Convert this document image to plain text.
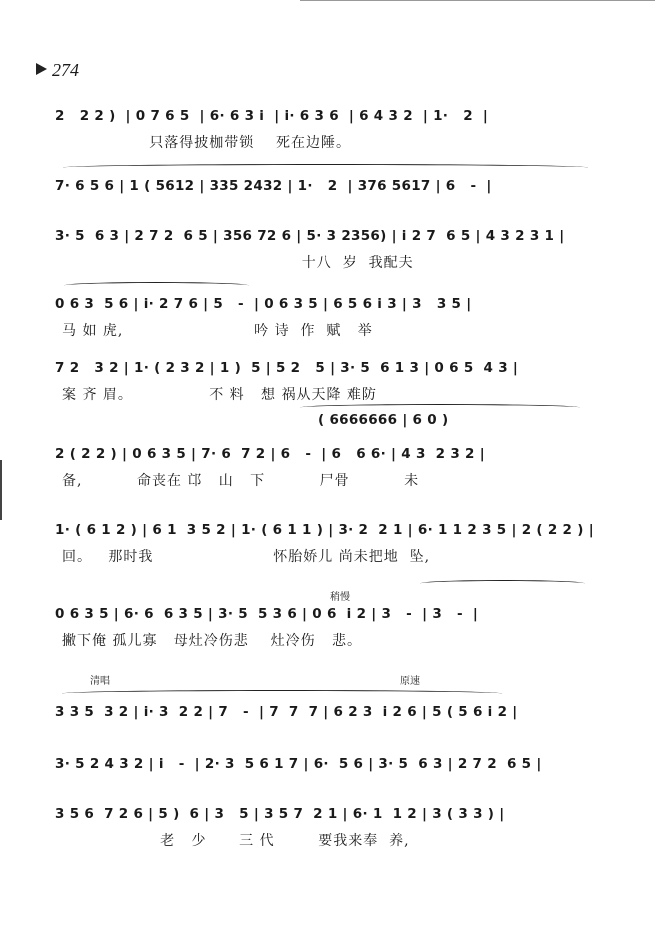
274
2   2 2 )  | 0 7 6 5  | 6· 6 3 i  | i· 6 3 6  | 6 4 3 2  | 1·   2  |
只落得披枷带锁    死在边陲。
7· 6 5 6 | 1 ( 5612 | 335 2432 | 1·   2  | 376 5617 | 6   -  |
3· 5  6 3 | 2 7 2  6 5 | 356 72 6 | 5· 3 2356) | i 2 7  6 5 | 4 3 2 3 1 |
十八  岁  我配夫
0 6 3  5 6 | i· 2 7 6 | 5   -  | 0 6 3 5 | 6 5 6 i 3 | 3   3 5 |
马 如 虎,                        吟 诗  作  赋   举
7 2   3 2 | 1· ( 2 3 2 | 1 )  5 | 5 2   5 | 3· 5  6 1 3 | 0 6 5  4 3 |
案 齐 眉。              不 料   想 祸从天降 难防
( 6666666 | 6 0 )
2 ( 2 2 ) | 0 6 3 5 | 7· 6  7 2 | 6   -  | 6   6 6· | 4 3  2 3 2 |
备,          命丧在 邙   山   下          尸骨          未
1· ( 6 1 2 ) | 6 1  3 5 2 | 1· ( 6 1 1 ) | 3· 2  2 1 | 6· 1 1 2 3 5 | 2 ( 2 2 ) |
回。   那时我                      怀胎娇儿 尚未把地  坠,
稍慢
0 6 3 5 | 6· 6  6 3 5 | 3· 5  5 3 6 | 0 6  i 2 | 3   -  | 3   -  |
撇下俺 孤儿寡   母灶冷伤悲    灶冷伤   悲。
清唱	原速
3 3 5  3 2 | i· 3  2 2 | 7   -  | 7  7  7 | 6 2 3  i 2 6 | 5 ( 5 6 i 2 |
3· 5 2 4 3 2 | i   -  | 2· 3  5 6 1 7 | 6·  5 6 | 3· 5  6 3 | 2 7 2  6 5 |
3 5 6  7 2 6 | 5 )  6 | 3   5 | 3 5 7  2 1 | 6· 1  1 2 | 3 ( 3 3 ) |
老   少      三 代        要我来奉  养,
